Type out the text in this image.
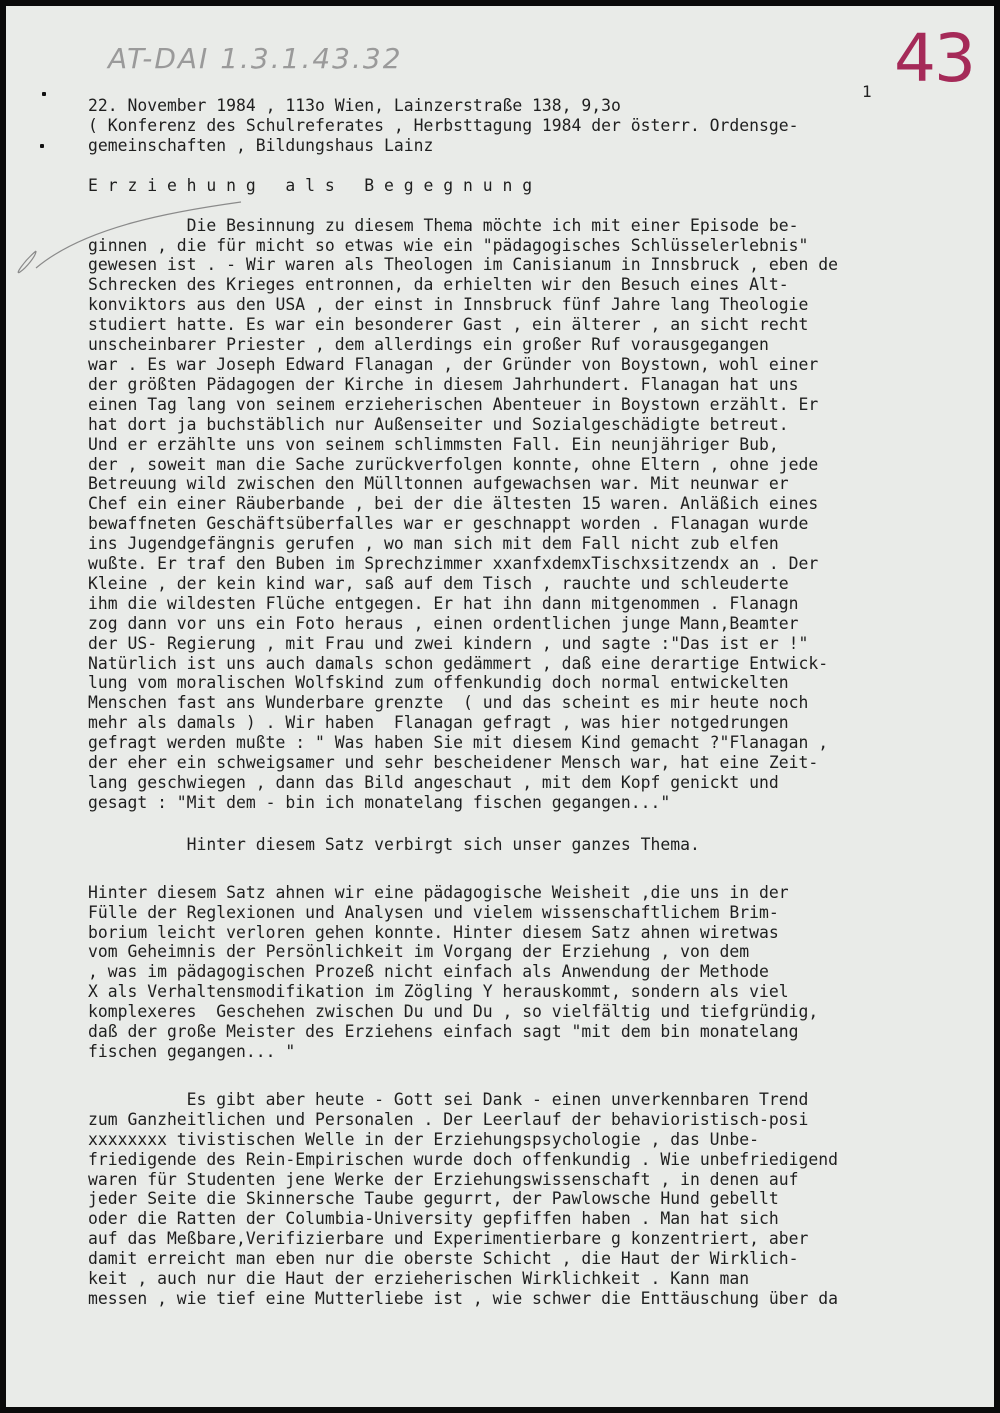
AT-DAI 1.3.1.43.32	43
1

22. November 1984 , 113o Wien, Lainzerstraße 138, 9,3o

( Konferenz des Schulreferates , Herbsttagung 1984 der österr. Ordensge-

gemeinschaften , Bildungshaus Lainz

E r z i e h u n g   a l s   B e g e g n u n g

Die Besinnung zu diesem Thema möchte ich mit einer Episode be-

ginnen , die für micht so etwas wie ein "pädagogisches Schlüsselerlebnis"

gewesen ist . - Wir waren als Theologen im Canisianum in Innsbruck , eben de

Schrecken des Krieges entronnen, da erhielten wir den Besuch eines Alt-

konviktors aus den USA , der einst in Innsbruck fünf Jahre lang Theologie

studiert hatte. Es war ein besonderer Gast , ein älterer , an sicht recht

unscheinbarer Priester , dem allerdings ein großer Ruf vorausgegangen

war . Es war Joseph Edward Flanagan , der Gründer von Boystown, wohl einer

der größten Pädagogen der Kirche in diesem Jahrhundert. Flanagan hat uns

einen Tag lang von seinem erzieherischen Abenteuer in Boystown erzählt. Er

hat dort ja buchstäblich nur Außenseiter und Sozialgeschädigte betreut.

Und er erzählte uns von seinem schlimmsten Fall. Ein neunjähriger Bub,

der , soweit man die Sache zurückverfolgen konnte, ohne Eltern , ohne jede

Betreuung wild zwischen den Mülltonnen aufgewachsen war. Mit neunwar er

Chef ein einer Räuberbande , bei der die ältesten 15 waren. Anläßich eines

bewaffneten Geschäftsüberfalles war er geschnappt worden . Flanagan wurde

ins Jugendgefängnis gerufen , wo man sich mit dem Fall nicht zub elfen

wußte. Er traf den Buben im Sprechzimmer xxanfxdemxTischxsitzendx an . Der

Kleine , der kein kind war, saß auf dem Tisch , rauchte und schleuderte

ihm die wildesten Flüche entgegen. Er hat ihn dann mitgenommen . Flanagn

zog dann vor uns ein Foto heraus , einen ordentlichen junge Mann,Beamter

der US- Regierung , mit Frau und zwei kindern , und sagte :"Das ist er !"

Natürlich ist uns auch damals schon gedämmert , daß eine derartige Entwick-

lung vom moralischen Wolfskind zum offenkundig doch normal entwickelten

Menschen fast ans Wunderbare grenzte  ( und das scheint es mir heute noch

mehr als damals ) . Wir haben  Flanagan gefragt , was hier notgedrungen

gefragt werden mußte : " Was haben Sie mit diesem Kind gemacht ?"Flanagan ,

der eher ein schweigsamer und sehr bescheidener Mensch war, hat eine Zeit-

lang geschwiegen , dann das Bild angeschaut , mit dem Kopf genickt und

gesagt : "Mit dem - bin ich monatelang fischen gegangen..."

Hinter diesem Satz verbirgt sich unser ganzes Thema.

Hinter diesem Satz ahnen wir eine pädagogische Weisheit ,die uns in der

Fülle der Reglexionen und Analysen und vielem wissenschaftlichem Brim-

borium leicht verloren gehen konnte. Hinter diesem Satz ahnen wiretwas

vom Geheimnis der Persönlichkeit im Vorgang der Erziehung , von dem

, was im pädagogischen Prozeß nicht einfach als Anwendung der Methode

X als Verhaltensmodifikation im Zögling Y herauskommt, sondern als viel

komplexeres  Geschehen zwischen Du und Du , so vielfältig und tiefgründig,

daß der große Meister des Erziehens einfach sagt "mit dem bin monatelang

fischen gegangen... "

Es gibt aber heute - Gott sei Dank - einen unverkennbaren Trend

zum Ganzheitlichen und Personalen . Der Leerlauf der behavioristisch-posi

xxxxxxxx tivistischen Welle in der Erziehungspsychologie , das Unbe-

friedigende des Rein-Empirischen wurde doch offenkundig . Wie unbefriedigend

waren für Studenten jene Werke der Erziehungswissenschaft , in denen auf

jeder Seite die Skinnersche Taube gegurrt, der Pawlowsche Hund gebellt

oder die Ratten der Columbia-University gepfiffen haben . Man hat sich

auf das Meßbare,Verifizierbare und Experimentierbare g konzentriert, aber

damit erreicht man eben nur die oberste Schicht , die Haut der Wirklich-

keit , auch nur die Haut der erzieherischen Wirklichkeit . Kann man

messen , wie tief eine Mutterliebe ist , wie schwer die Enttäuschung über da
